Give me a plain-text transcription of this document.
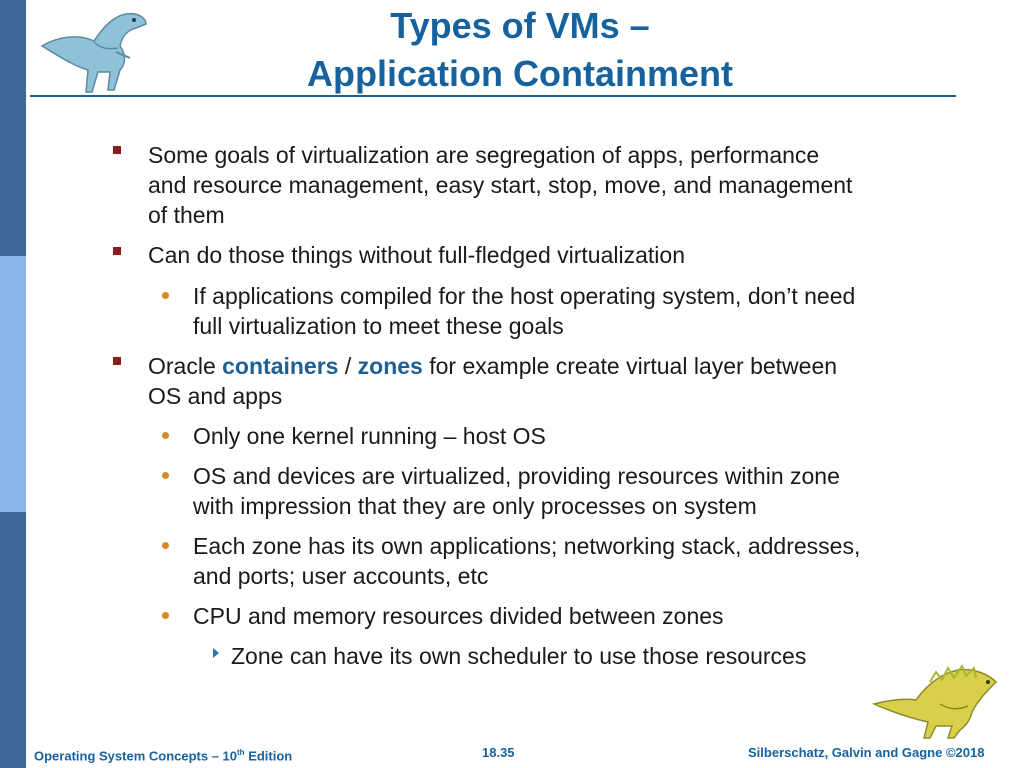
Types of VMs –
Application Containment
Some goals of virtualization are segregation of apps, performance
and resource management, easy start, stop, move, and management
of them
Can do those things without full-fledged virtualization
If applications compiled for the host operating system, don’t need
full virtualization to meet these goals
Oracle containers / zones for example create virtual layer between
OS and apps
Only one kernel running – host OS
OS and devices are virtualized, providing resources within zone
with impression that they are only processes on system
Each zone has its own applications; networking stack, addresses,
and ports; user accounts, etc
CPU and memory resources divided between zones
Zone can have its own scheduler to use those resources
Operating System Concepts – 10th Edition	18.35	Silberschatz, Galvin and Gagne ©2018
